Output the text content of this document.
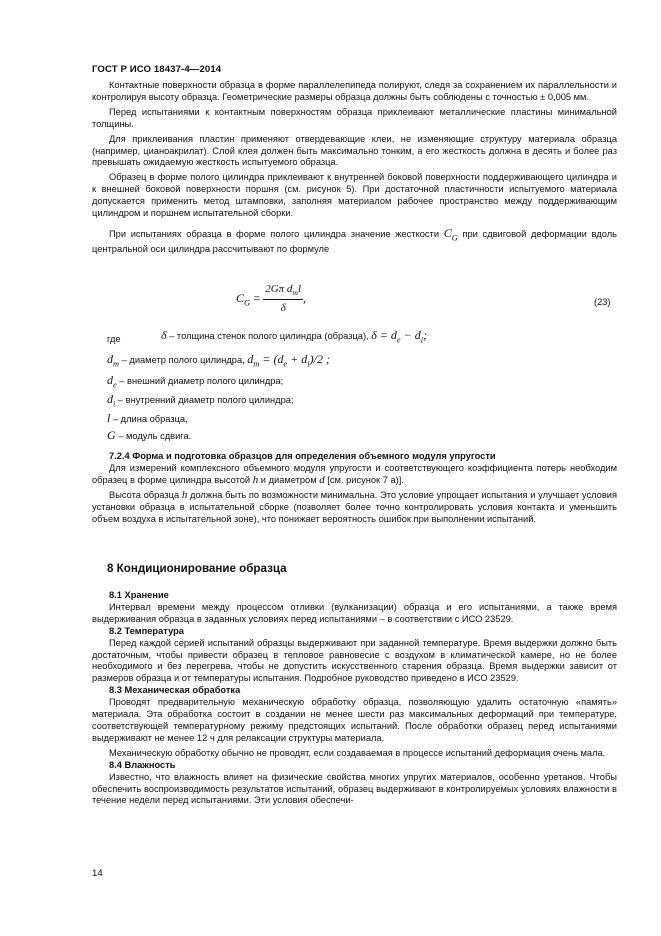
ГОСТ Р ИСО 18437-4—2014

Контактные поверхности образца в форме параллелепипеда полируют, следя за сохранением их параллельности и контролируя высоту образца. Геометрические размеры образца должны быть соблюдены с точностью ± 0,005 мм.

Перед испытаниями к контактным поверхностям образца приклеивают металлические пластины минимальной толщины.

Для приклеивания пластин применяют отвердевающие клеи, не изменяющие структуру материала образца (например, цианоакрилат). Слой клея должен быть максимально тонким, а его жесткость должна в десять и более раз превышать ожидаемую жесткость испытуемого образца.

Образец в форме полого цилиндра приклеивают к внутренней боковой поверхности поддерживающего цилиндра и к внешней боковой поверхности поршня (см. рисунок 5). При достаточной пластичности испытуемого материала допускается применить метод штамповки, заполняя материалом рабочее пространство между поддерживающим цилиндром и поршнем испытательной сборки.

При испытаниях образца в форме полого цилиндра значение жесткости $C_G$ при сдвиговой деформации вдоль центральной оси цилиндра рассчитывают по формуле

$C_G = \frac{2G\pi d_ml}{\delta}$ ,	(23)
где	δ – толщина стенок полого цилиндра (образца), $\delta = d_e - d_i$;
$d_m$ – диаметр полого цилиндра, $d_m = (d_e + d_i)/2$ ;
$d_e$ – внешний диаметр полого цилиндра;
$d_i$ – внутренний диаметр полого цилиндра;
l – длина образца,
G – модуль сдвига.

7.2.4 Форма и подготовка образцов для определения объемного модуля упругости

Для измерений комплексного объемного модуля упругости и соответствующего коэффициента потерь необходим образец в форме цилиндра высотой h и диаметром d [см. рисунок 7 а)].

Высота образца h должна быть по возможности минимальна. Это условие упрощает испытания и улучшает условия установки образца в испытательной сборке (позволяет более точно контролировать условия контакта и уменьшить объем воздуха в испытательной зоне), что понижает вероятность ошибок при выполнении испытаний.

8 Кондиционирование образца

8.1 Хранение

Интервал времени между процессом отливки (вулканизации) образца и его испытаниями, а также время выдерживания образца в заданных условиях перед испытаниями – в соответствии с ИСО 23529.

8.2 Температура

Перед каждой серией испытаний образцы выдерживают при заданной температуре. Время выдержки должно быть достаточным, чтобы привести образец в тепловое равновесие с воздухом в климатической камере, но не более необходимого и без перегрева, чтобы не допустить искусственного старения образца. Время выдержки зависит от размеров образца и от температуры испытания. Подробное руководство приведено в ИСО 23529.

8.3 Механическая обработка

Проводят предварительную механическую обработку образца, позволяющую удалить остаточную «память» материала. Эта обработка состоит в создании не менее шести раз максимальных деформаций при температуре, соответствующей температурному режиму предстоящих испытаний. После обработки образец перед испытаниями выдерживают не менее 12 ч для релаксации структуры материала.

Механическую обработку обычно не проводят, если создаваемая в процессе испытаний деформация очень мала.

8.4 Влажность

Известно, что влажность влияет на физические свойства многих упругих материалов, особенно уретанов. Чтобы обеспечить воспроизводимость результатов испытаний, образец выдерживают в контролируемых условиях влажности в течение недели перед испытаниями. Эти условия обеспечи-

14
